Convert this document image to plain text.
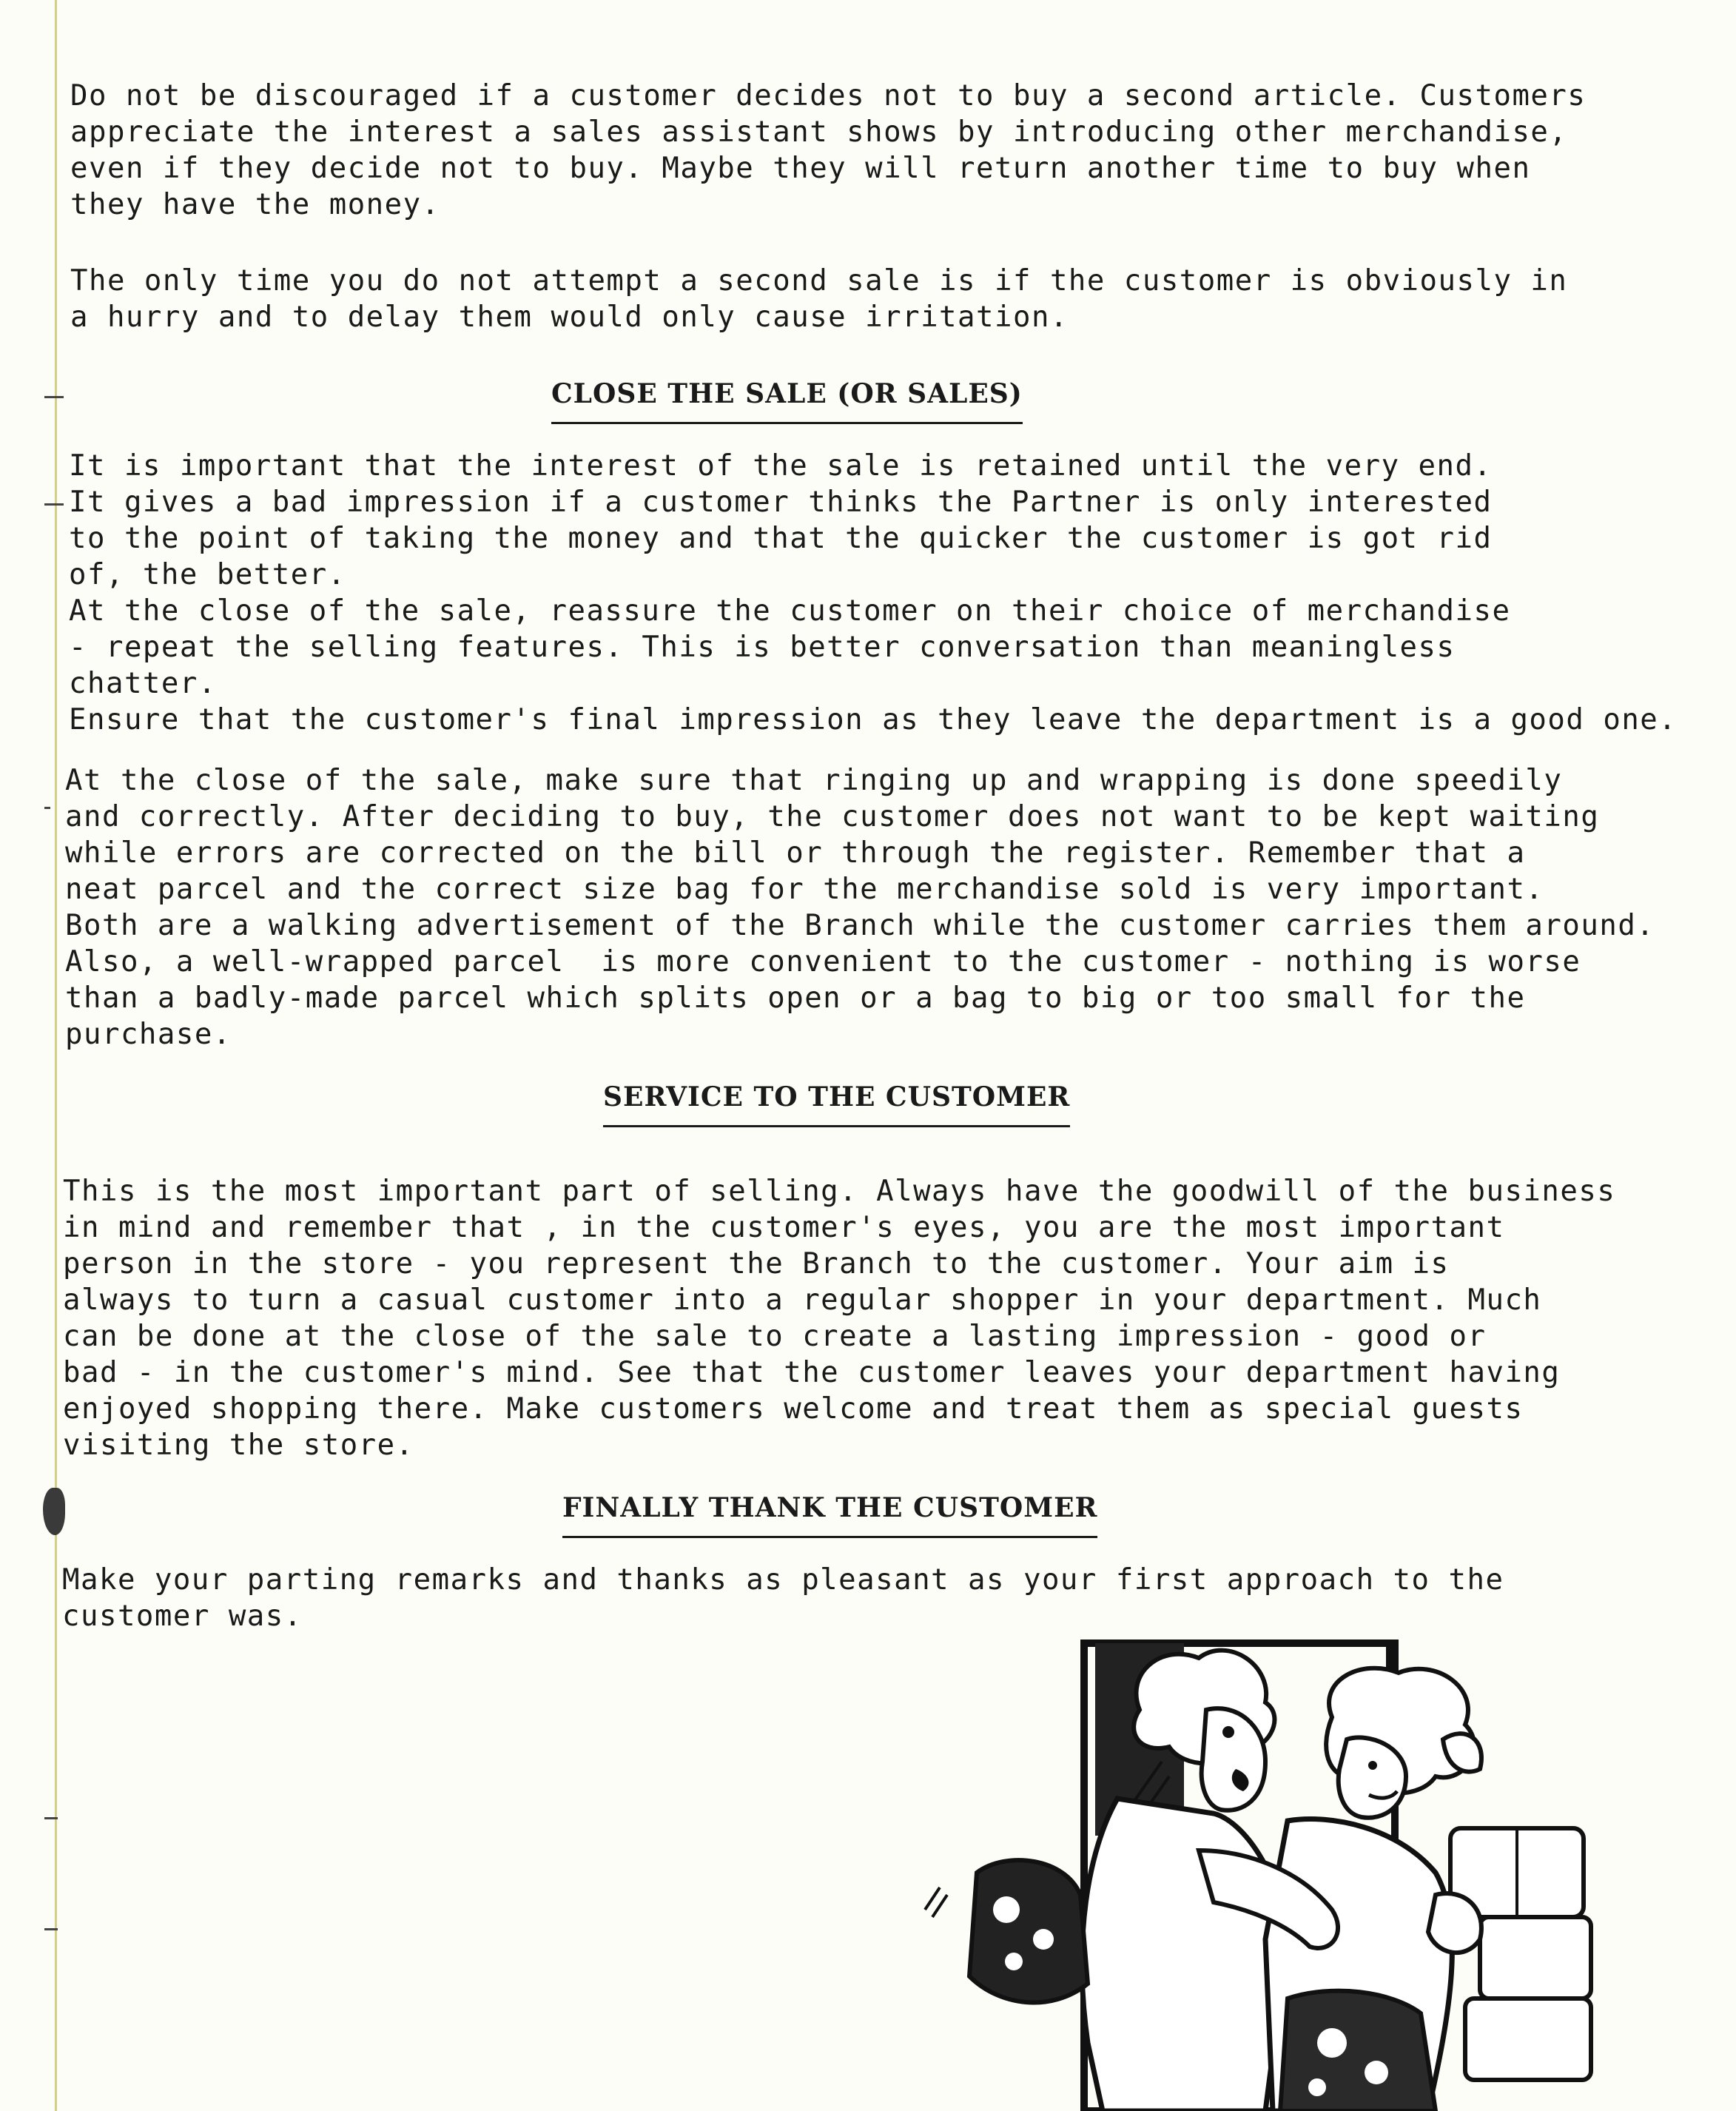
Do not be discouraged if a customer decides not to buy a second article. Customers
appreciate the interest a sales assistant shows by introducing other merchandise,
even if they decide not to buy. Maybe they will return another time to buy when
they have the money.

The only time you do not attempt a second sale is if the customer is obviously in
a hurry and to delay them would only cause irritation.

CLOSE THE SALE (OR SALES)

It is important that the interest of the sale is retained until the very end.
It gives a bad impression if a customer thinks the Partner is only interested
to the point of taking the money and that the quicker the customer is got rid
of, the better.
At the close of the sale, reassure the customer on their choice of merchandise
- repeat the selling features. This is better conversation than meaningless
chatter.
Ensure that the customer's final impression as they leave the department is a good one.

At the close of the sale, make sure that ringing up and wrapping is done speedily
and correctly. After deciding to buy, the customer does not want to be kept waiting
while errors are corrected on the bill or through the register. Remember that a
neat parcel and the correct size bag for the merchandise sold is very important.
Both are a walking advertisement of the Branch while the customer carries them around.
Also, a well-wrapped parcel  is more convenient to the customer - nothing is worse
than a badly-made parcel which splits open or a bag to big or too small for the
purchase.

SERVICE TO THE CUSTOMER

This is the most important part of selling. Always have the goodwill of the business
in mind and remember that , in the customer's eyes, you are the most important
person in the store - you represent the Branch to the customer. Your aim is
always to turn a casual customer into a regular shopper in your department. Much
can be done at the close of the sale to create a lasting impression - good or
bad - in the customer's mind. See that the customer leaves your department having
enjoyed shopping there. Make customers welcome and treat them as special guests
visiting the store.

FINALLY THANK THE CUSTOMER

Make your parting remarks and thanks as pleasant as your first approach to the
customer was.
